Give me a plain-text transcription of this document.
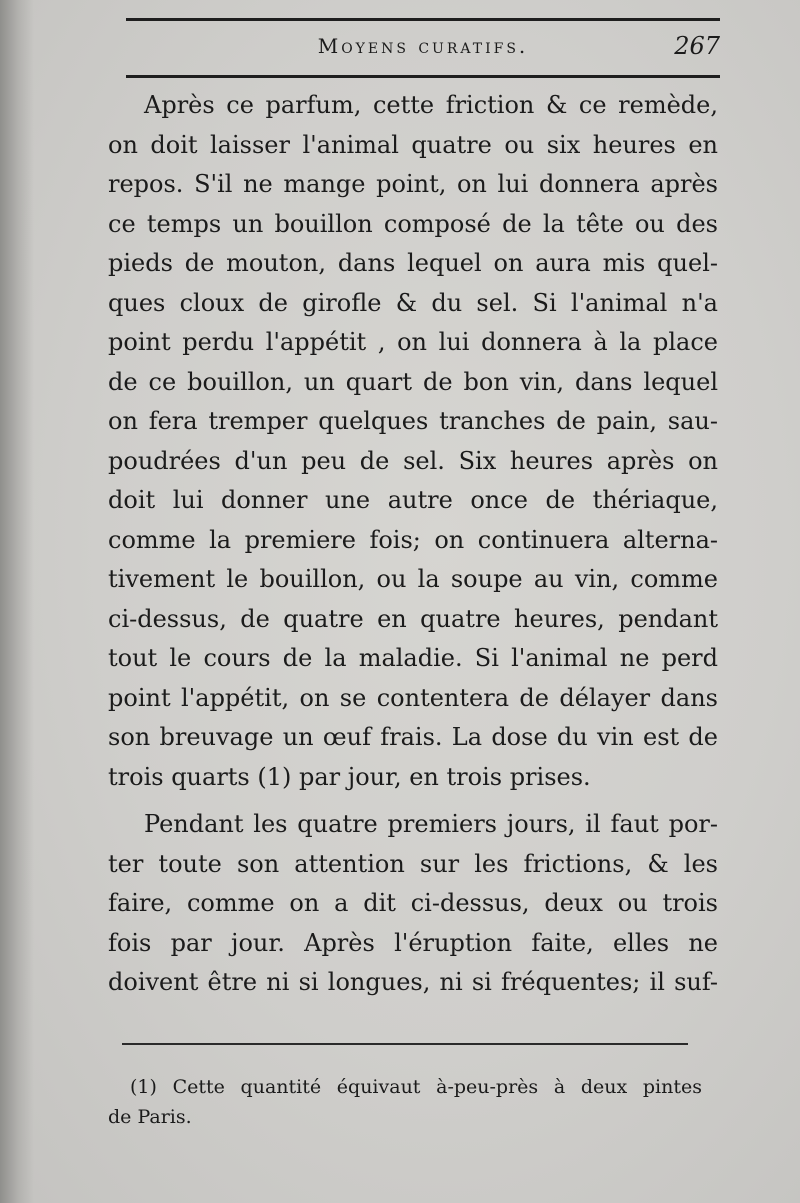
Moyens curatifs.	267
Après ce parfum, cette friction & ce remède,
on doit laisser l'animal quatre ou six heures en
repos. S'il ne mange point, on lui donnera après
ce temps un bouillon composé de la tête ou des
pieds de mouton, dans lequel on aura mis quel-
ques cloux de girofle & du sel. Si l'animal n'a
point perdu l'appétit , on lui donnera à la place
de ce bouillon, un quart de bon vin, dans lequel
on fera tremper quelques tranches de pain, sau-
poudrées d'un peu de sel. Six heures après on
doit lui donner une autre once de thériaque,
comme la premiere fois; on continuera alterna-
tivement le bouillon, ou la soupe au vin, comme
ci-dessus, de quatre en quatre heures, pendant
tout le cours de la maladie. Si l'animal ne perd
point l'appétit, on se contentera de délayer dans
son breuvage un œuf frais. La dose du vin est de
trois quarts (1) par jour, en trois prises.
Pendant les quatre premiers jours, il faut por-
ter toute son attention sur les frictions, & les
faire, comme on a dit ci-dessus, deux ou trois
fois par jour. Après l'éruption faite, elles ne
doivent être ni si longues, ni si fréquentes; il suf-
(1) Cette quantité équivaut à-peu-près à deux pintes
de Paris.
